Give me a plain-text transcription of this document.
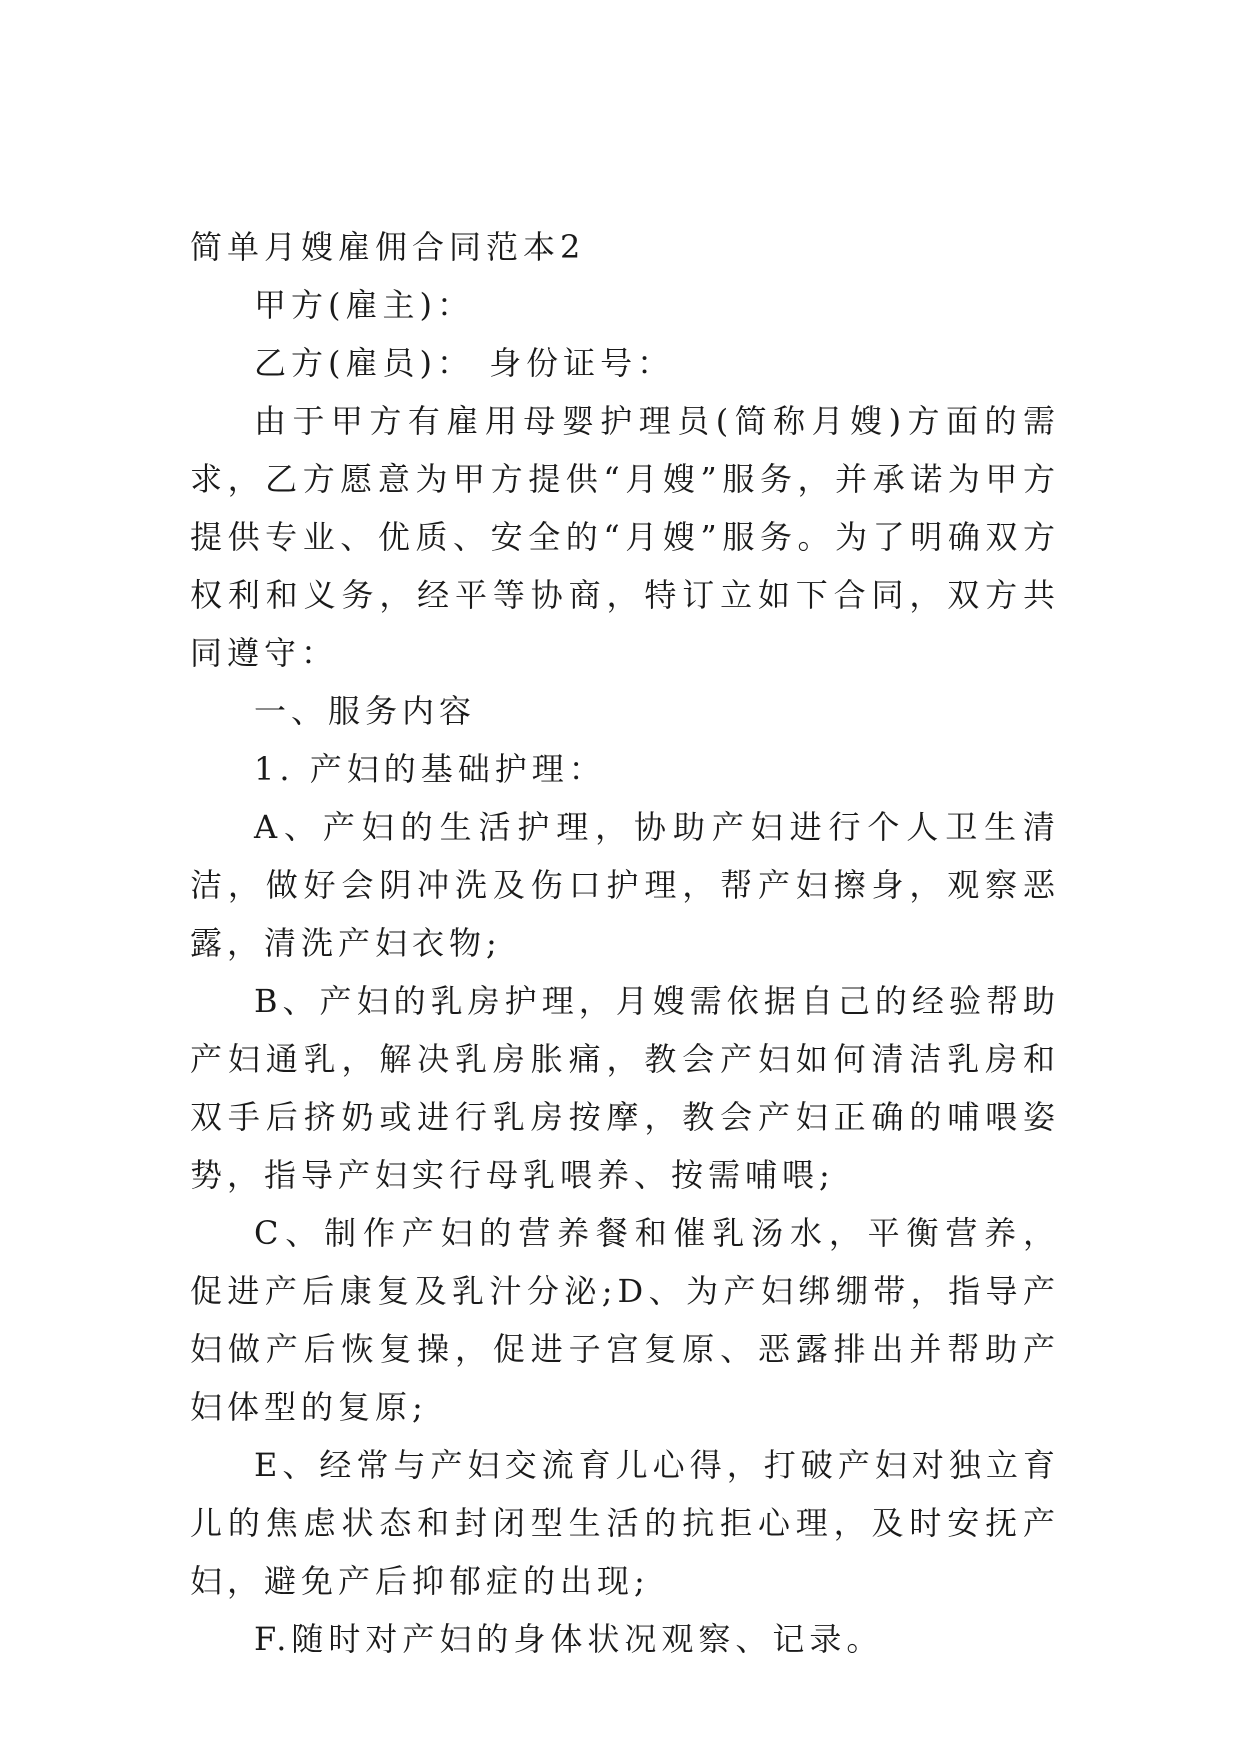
简单月嫂雇佣合同范本2

甲方(雇主)：

乙方(雇员)： 身份证号：

由于甲方有雇用母婴护理员(简称月嫂)方面的需求，乙方愿意为甲方提供“月嫂”服务，并承诺为甲方提供专业、优质、安全的“月嫂”服务。为了明确双方权利和义务，经平等协商，特订立如下合同，双方共同遵守：

一、服务内容

1. 产妇的基础护理：

A、产妇的生活护理，协助产妇进行个人卫生清洁，做好会阴冲洗及伤口护理，帮产妇擦身，观察恶露，清洗产妇衣物;

B、产妇的乳房护理，月嫂需依据自己的经验帮助产妇通乳，解决乳房胀痛，教会产妇如何清洁乳房和双手后挤奶或进行乳房按摩，教会产妇正确的哺喂姿势，指导产妇实行母乳喂养、按需哺喂;

C、制作产妇的营养餐和催乳汤水，平衡营养，促进产后康复及乳汁分泌;D、为产妇绑绷带，指导产妇做产后恢复操，促进子宫复原、恶露排出并帮助产妇体型的复原;

E、经常与产妇交流育儿心得，打破产妇对独立育儿的焦虑状态和封闭型生活的抗拒心理，及时安抚产妇，避免产后抑郁症的出现;

F.随时对产妇的身体状况观察、记录。
